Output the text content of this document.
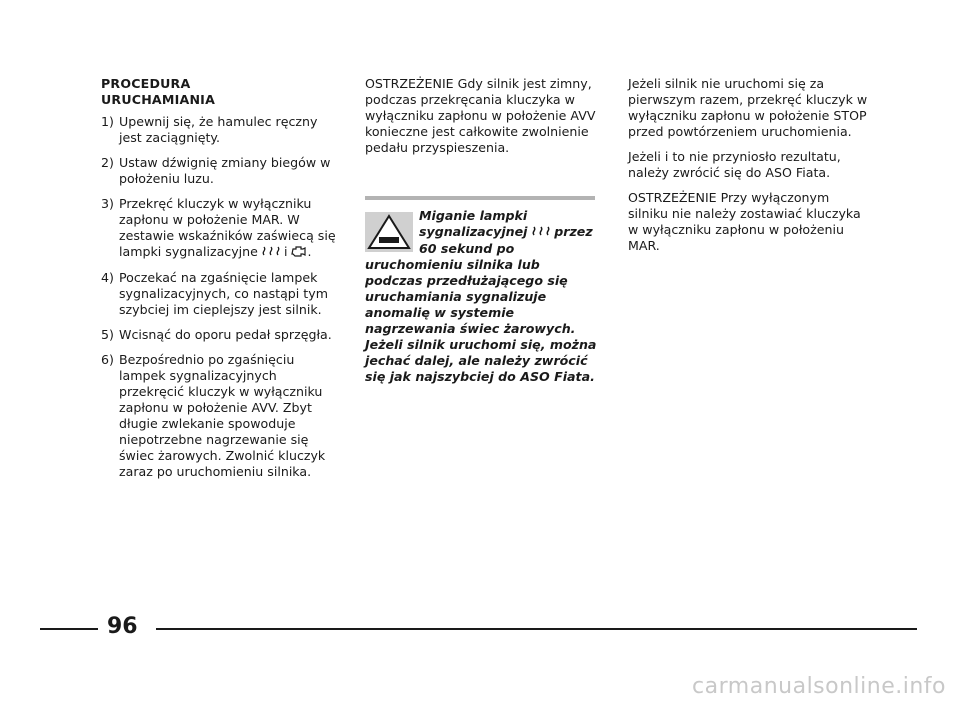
PROCEDURA
URUCHAMIANIA
1) Upewnij się, że hamulec ręczny jest zaciągnięty.
2) Ustaw dźwignię zmiany biegów w położeniu luzu.
3) Przekręć kluczyk w wyłączniku zapłonu w położenie MAR. W zestawie wskaźników zaświecą się lampki sygnalizacyjne i .
4) Poczekać na zgaśnięcie lampek sygnalizacyjnych, co nastąpi tym szybciej im cieplejszy jest silnik.
5) Wcisnąć do oporu pedał sprzęgła.
6) Bezpośrednio po zgaśnięciu lampek sygnalizacyjnych przekręcić kluczyk w wyłączniku zapłonu w położenie AVV. Zbyt długie zwlekanie spowoduje niepotrzebne nagrzewanie się świec żarowych. Zwolnić kluczyk zaraz po uruchomieniu silnika.

OSTRZEŻENIE Gdy silnik jest zimny, podczas przekręcania kluczyka w wyłączniku zapłonu w położenie AVV konieczne jest całkowite zwolnienie pedału przyspieszenia.

Miganie lampki sygnalizacyjnej przez 60 sekund po uruchomieniu silnika lub podczas przedłużającego się uruchamiania sygnalizuje anomalię w systemie nagrzewania świec żarowych. Jeżeli silnik uruchomi się, można jechać dalej, ale należy zwrócić się jak najszybciej do ASO Fiata.

Jeżeli silnik nie uruchomi się za pierwszym razem, przekręć kluczyk w wyłączniku zapłonu w położenie STOP przed powtórzeniem uruchomienia.

Jeżeli i to nie przyniosło rezultatu, należy zwrócić się do ASO Fiata.

OSTRZEŻENIE Przy wyłączonym silniku nie należy zostawiać kluczyka w wyłączniku zapłonu w położeniu MAR.

96
carmanualsonline.info
